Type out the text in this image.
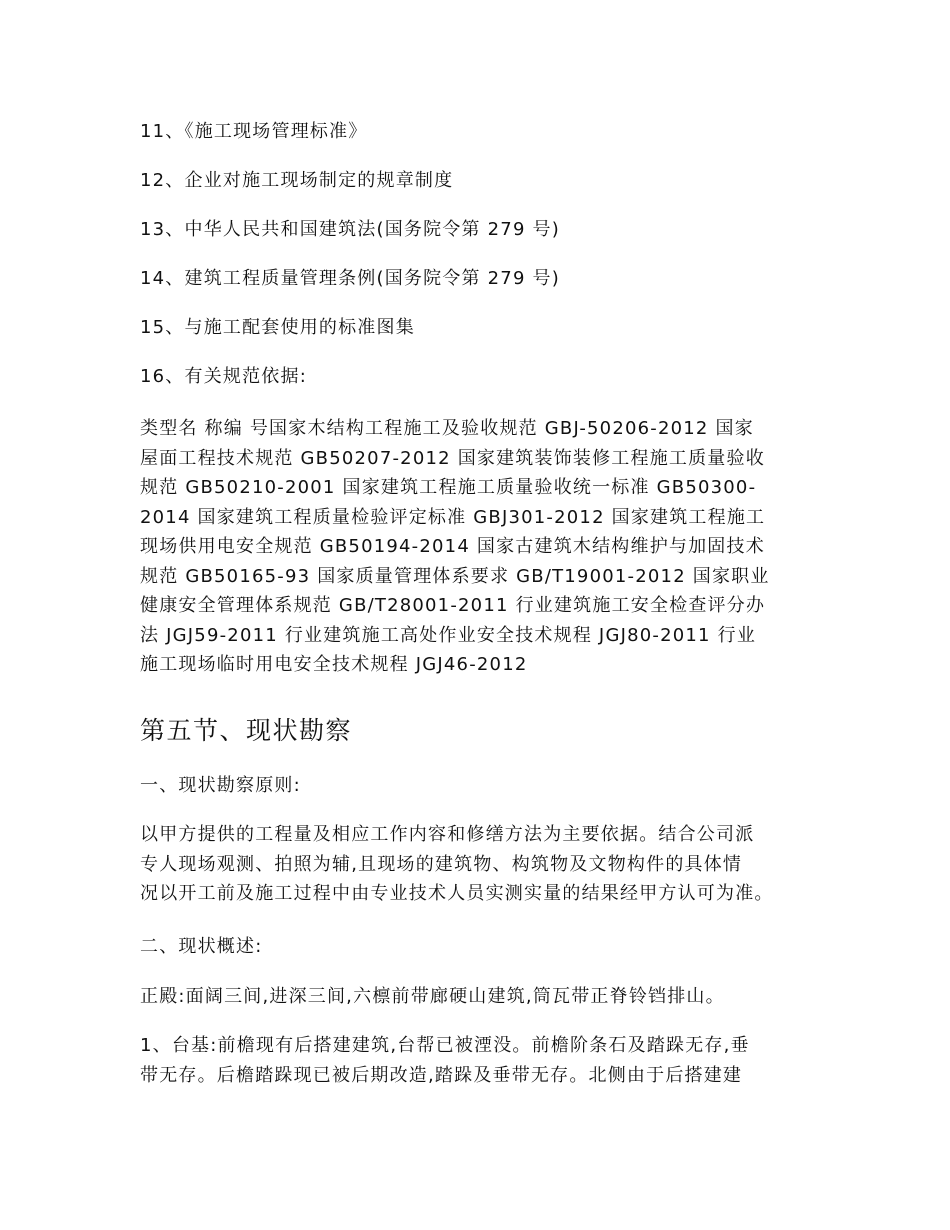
11、《施工现场管理标准》

12、企业对施工现场制定的规章制度

13、中华人民共和国建筑法(国务院令第 279 号)

14、建筑工程质量管理条例(国务院令第 279 号)

15、与施工配套使用的标准图集

16、有关规范依据:

类型名 称编 号国家木结构工程施工及验收规范 GBJ-50206-2012 国家

屋面工程技术规范 GB50207-2012 国家建筑装饰装修工程施工质量验收

规范 GB50210-2001 国家建筑工程施工质量验收统一标准 GB50300-

2014 国家建筑工程质量检验评定标准 GBJ301-2012 国家建筑工程施工

现场供用电安全规范 GB50194-2014 国家古建筑木结构维护与加固技术

规范 GB50165-93 国家质量管理体系要求 GB/T19001-2012 国家职业

健康安全管理体系规范 GB/T28001-2011 行业建筑施工安全检查评分办

法 JGJ59-2011 行业建筑施工高处作业安全技术规程 JGJ80-2011 行业

施工现场临时用电安全技术规程 JGJ46-2012

第五节、现状勘察

一、现状勘察原则:

以甲方提供的工程量及相应工作内容和修缮方法为主要依据。结合公司派

专人现场观测、拍照为辅,且现场的建筑物、构筑物及文物构件的具体情

况以开工前及施工过程中由专业技术人员实测实量的结果经甲方认可为准。

二、现状概述:

正殿:面阔三间,进深三间,六檩前带廊硬山建筑,筒瓦带正脊铃铛排山。

1、台基:前檐现有后搭建建筑,台帮已被湮没。前檐阶条石及踏跺无存,垂

带无存。后檐踏跺现已被后期改造,踏跺及垂带无存。北侧由于后搭建建
